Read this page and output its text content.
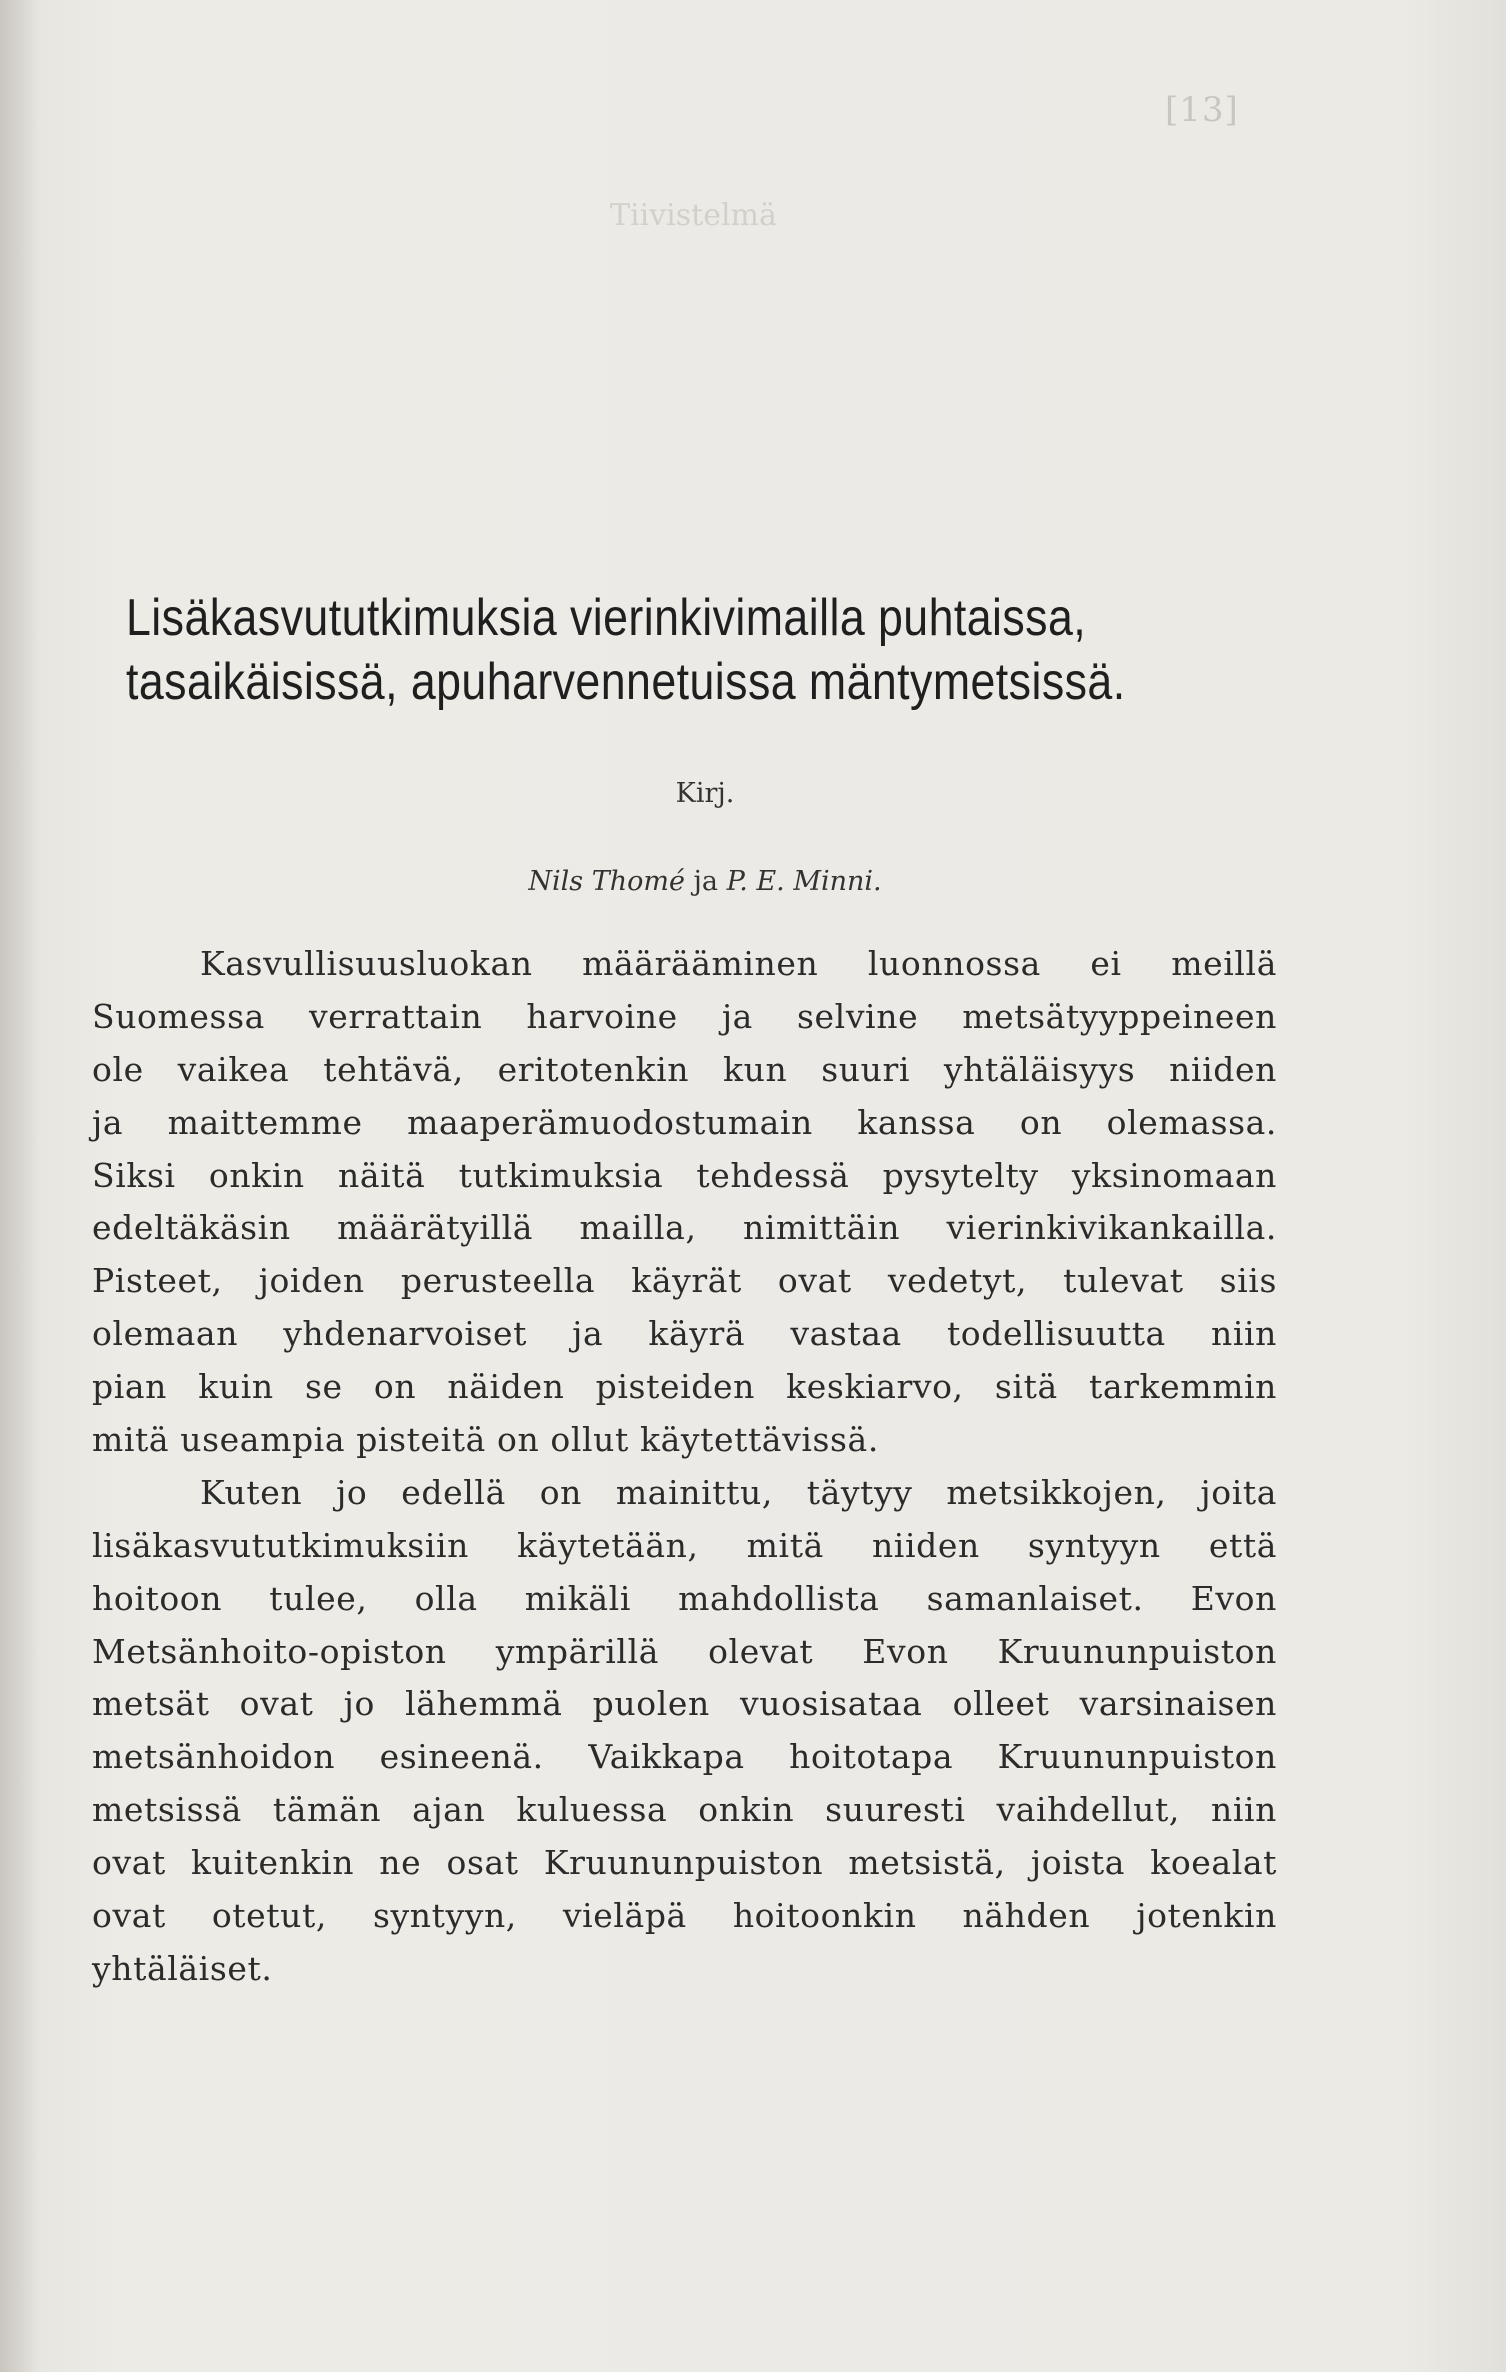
[13]
Tiivistelmä
Lisäkasvututkimuksia vierinkivimailla puhtaissa,
tasaikäisissä, apuharvennetuissa mäntymetsissä.
Kirj.
Nils Thomé ja P. E. Minni.
Kasvullisuusluokan määrääminen luonnossa ei meillä
Suomessa verrattain harvoine ja selvine metsätyyppeineen
ole vaikea tehtävä, eritotenkin kun suuri yhtäläisyys niiden
ja maittemme maaperämuodostumain kanssa on olemassa.
Siksi onkin näitä tutkimuksia tehdessä pysytelty yksinomaan
edeltäkäsin määrätyillä mailla, nimittäin vierinkivikankailla.
Pisteet, joiden perusteella käyrät ovat vedetyt, tulevat siis
olemaan yhdenarvoiset ja käyrä vastaa todellisuutta niin
pian kuin se on näiden pisteiden keskiarvo, sitä tarkemmin
mitä useampia pisteitä on ollut käytettävissä.
Kuten jo edellä on mainittu, täytyy metsikkojen, joita
lisäkasvututkimuksiin käytetään, mitä niiden syntyyn että
hoitoon tulee, olla mikäli mahdollista samanlaiset. Evon
Metsänhoito-opiston ympärillä olevat Evon Kruununpuiston
metsät ovat jo lähemmä puolen vuosisataa olleet varsinaisen
metsänhoidon esineenä. Vaikkapa hoitotapa Kruununpuiston
metsissä tämän ajan kuluessa onkin suuresti vaihdellut, niin
ovat kuitenkin ne osat Kruununpuiston metsistä, joista koealat
ovat otetut, syntyyn, vieläpä hoitoonkin nähden jotenkin
yhtäläiset.
